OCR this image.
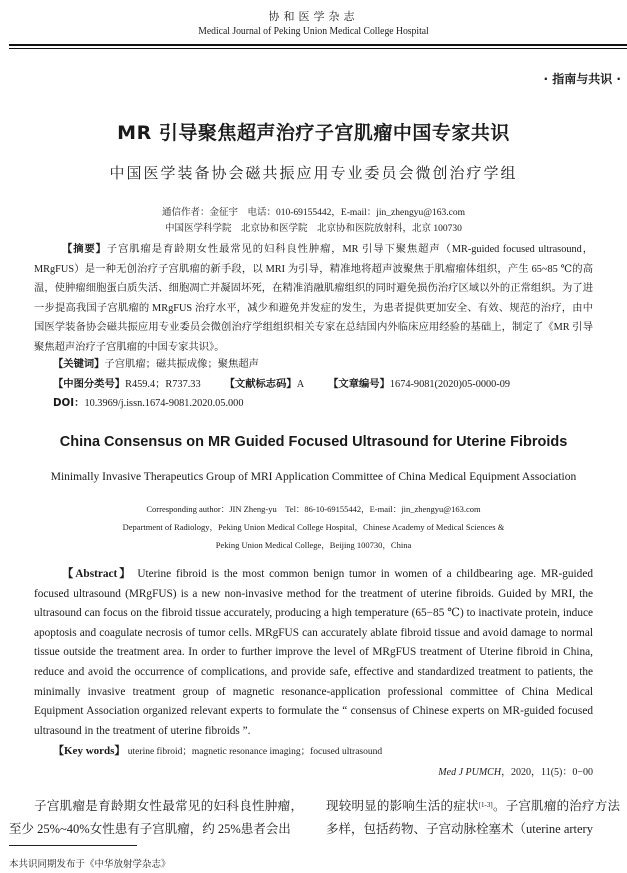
协和医学杂志
Medical Journal of Peking Union Medical College Hospital
· 指南与共识 ·
MR 引导聚焦超声治疗子宫肌瘤中国专家共识
中国医学装备协会磁共振应用专业委员会微创治疗学组
通信作者：金征宇　电话：010-69155442，E-mail：jin_zhengyu@163.com
中国医学科学院　北京协和医学院　北京协和医院放射科，北京 100730
【摘要】子宫肌瘤是育龄期女性最常见的妇科良性肿瘤，MR 引导下聚焦超声（MR-guided focused ultrasound，MRgFUS）是一种无创治疗子宫肌瘤的新手段，以 MRI 为引导，精准地将超声波聚焦于肌瘤瘤体组织，产生 65~85 ℃的高温，使肿瘤细胞蛋白质失活、细胞凋亡并凝固坏死，在精准消融肌瘤组织的同时避免损伤治疗区域以外的正常组织。为了进一步提高我国子宫肌瘤的 MRgFUS 治疗水平，减少和避免并发症的发生，为患者提供更加安全、有效、规范的治疗，由中国医学装备协会磁共振应用专业委员会微创治疗学组组织相关专家在总结国内外临床应用经验的基础上，制定了《MR 引导聚焦超声治疗子宫肌瘤的中国专家共识》。
【关键词】子宫肌瘤；磁共振成像；聚焦超声
【中图分类号】R459.4；R737.33 【文献标志码】A 【文章编号】1674-9081(2020)05-0000-09
DOI：10.3969/j.issn.1674-9081.2020.05.000
China Consensus on MR Guided Focused Ultrasound for Uterine Fibroids
Minimally Invasive Therapeutics Group of MRI Application Committee of China Medical Equipment Association
Corresponding author：JIN Zheng-yu　Tel：86-10-69155442，E-mail：jin_zhengyu@163.com
Department of Radiology，Peking Union Medical College Hospital，Chinese Academy of Medical Sciences &
Peking Union Medical College，Beijing 100730，China
【Abstract】 Uterine fibroid is the most common benign tumor in women of a childbearing age. MR-guided focused ultrasound (MRgFUS) is a new non-invasive method for the treatment of uterine fibroids. Guided by MRI, the ultrasound can focus on the fibroid tissue accurately, producing a high temperature (65−85 ℃) to inactivate protein, induce apoptosis and coagulate necrosis of tumor cells. MRgFUS can accurately ablate fibroid tissue and avoid damage to normal tissue outside the treatment area. In order to further improve the level of MRgFUS treatment of Uterine fibroid in China, reduce and avoid the occurrence of complications, and provide safe, effective and standardized treatment to patients, the minimally invasive treatment group of magnetic resonance-application professional committee of China Medical Equipment Association organized relevant experts to formulate the “ consensus of Chinese experts on MR-guided focused ultrasound in the treatment of uterine fibroids ”.
【Key words】 uterine fibroid；magnetic resonance imaging；focused ultrasound
Med J PUMCH，2020，11(5)：0−00
子宫肌瘤是育龄期女性最常见的妇科良性肿瘤，至少 25%~40%女性患有子宫肌瘤，约 25%患者会出
现较明显的影响生活的症状[1-3]。子宫肌瘤的治疗方法多样，包括药物、子宫动脉栓塞术（uterine artery
本共识同期发布于《中华放射学杂志》
